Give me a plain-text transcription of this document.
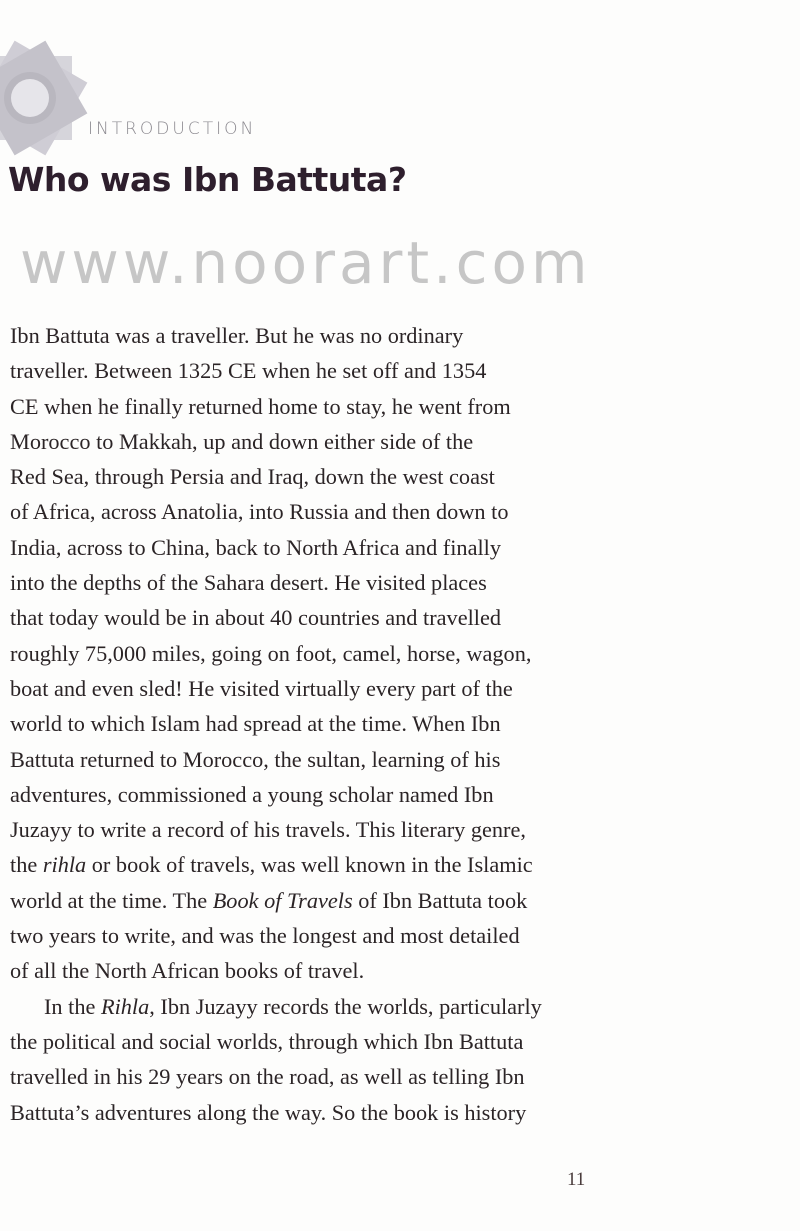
INTRODUCTION
Who was Ibn Battuta?
www.noorart.com
Ibn Battuta was a traveller. But he was no ordinary
traveller. Between 1325 CE when he set off and 1354
CE when he finally returned home to stay, he went from
Morocco to Makkah, up and down either side of the
Red Sea, through Persia and Iraq, down the west coast
of Africa, across Anatolia, into Russia and then down to
India, across to China, back to North Africa and finally
into the depths of the Sahara desert. He visited places
that today would be in about 40 countries and travelled
roughly 75,000 miles, going on foot, camel, horse, wagon,
boat and even sled! He visited virtually every part of the
world to which Islam had spread at the time. When Ibn
Battuta returned to Morocco, the sultan, learning of his
adventures, commissioned a young scholar named Ibn
Juzayy to write a record of his travels. This literary genre,
the rihla or book of travels, was well known in the Islamic
world at the time. The Book of Travels of Ibn Battuta took
two years to write, and was the longest and most detailed
of all the North African books of travel.
In the Rihla, Ibn Juzayy records the worlds, particularly
the political and social worlds, through which Ibn Battuta
travelled in his 29 years on the road, as well as telling Ibn
Battuta’s adventures along the way. So the book is history
11
